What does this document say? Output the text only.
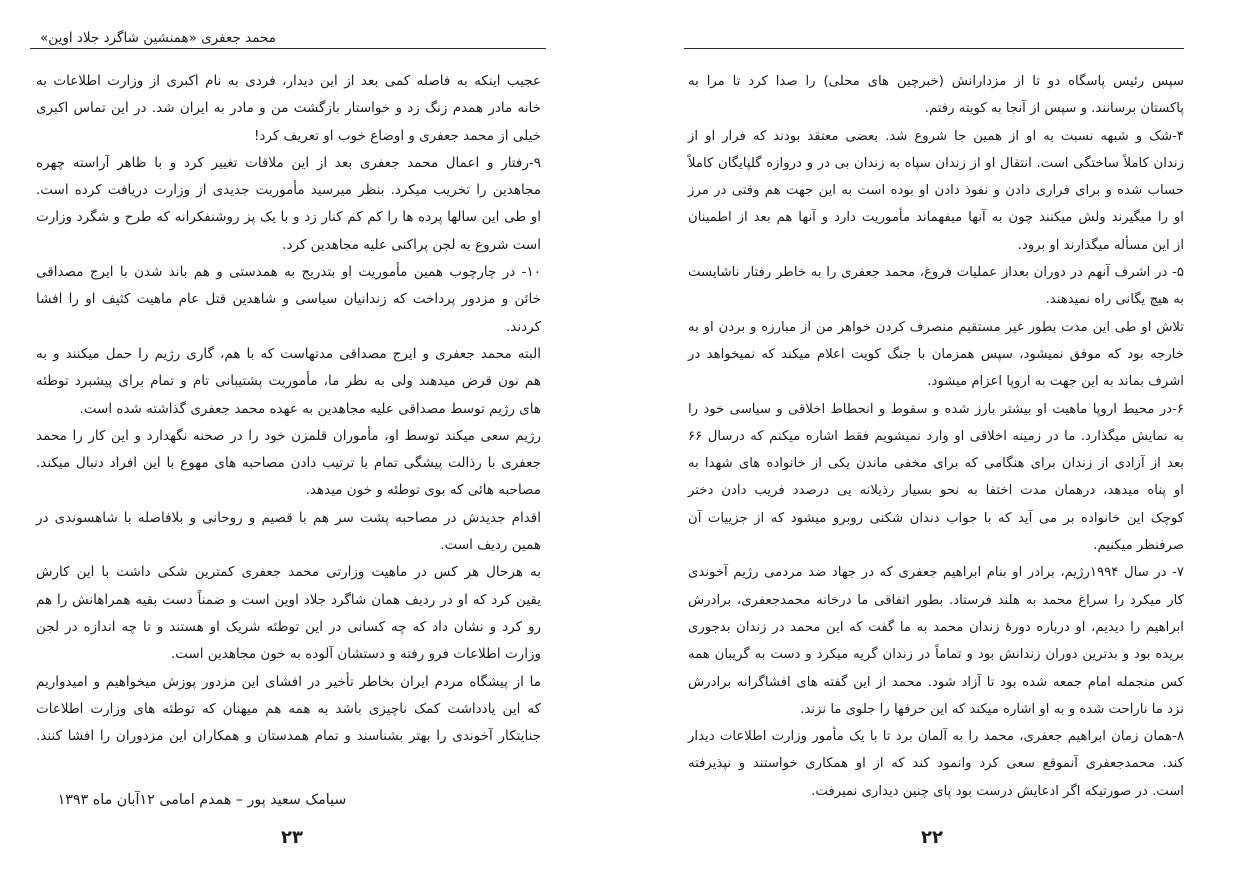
محمد جعفری «همنشین شاگرد جلاد اوین»
عجیب اینکه به فاصله کمی بعد از این دیدار، فردی به نام اکبری از وزارت اطلاعات به
خانه مادر همدم زنگ زد و خواستار بازگشت من و مادر به ایران شد. در این تماس اکبری
خیلی از محمد جعفری و اوضاع خوب او تعریف کرد!
۹-رفتار و اعمال محمد جعفری بعد از این ملاقات تغییر کرد و با ظاهر آراسته چهره
مجاهدین را تخریب میکرد. بنظر میرسید مأموریت جدیدی از وزارت دریافت کرده است.
او طی این سالها پرده ها را کم کم کنار زد و با یک پز روشنفکرانه که طرح و شگرد وزارت
است شروع به لجن پراکنی علیه مجاهدین کرد.
۱۰- در چارچوب همین مأموریت او بتدریج به همدستی و هم باند شدن با ایرج مصداقی
خائن و مزدور پرداخت که زندانیان سیاسی و شاهدین قتل عام ماهیت کثیف او را افشا
کردند.
البته محمد جعفری و ایرج مصداقی مدتهاست که با هم، گاری رژیم را حمل میکنند و به
هم نون قرض میدهند ولی به نظر ما، مأموریت پشتیبانی تام و تمام برای پیشبرد توطئه
های رژیم توسط مصداقی علیه مجاهدین به عهده محمد جعفری گذاشته شده است.
رژیم سعی میکند توسط او، مأموران قلمزن خود را در صحنه نگهدارد و این کار را محمد
جعفری با رذالت پیشگی تمام با ترتیب دادن مصاحبه های مهوع با این افراد دنبال میکند.
مصاحبه هائی که بوی توطئه و خون میدهد.
اقدام جدیدش در مصاحبه پشت سر هم با قصیم و روحانی و بلافاصله با شاهسوندی در
همین ردیف است.
به هرحال هر کس در ماهیت وزارتی محمد جعفری کمترین شکی داشت با این کارش
یقین کرد که او در ردیف همان شاگرد جلاد اوین است و ضمناً دست بقیه همراهانش را هم
رو کرد و نشان داد که چه کسانی در این توطئه شریک او هستند و تا چه اندازه در لجن
وزارت اطلاعات فرو رفته و دستشان آلوده به خون مجاهدین است.
ما از پیشگاه مردم ایران بخاطر تأخیر در افشای این مزدور پوزش میخواهیم و امیدواریم
که این یادداشت کمک ناچیزی باشد به همه هم میهنان که توطئه های وزارت اطلاعات
جنایتکار آخوندی را بهتر بشناسند و تمام همدستان و همکاران این مزدوران را افشا کنند.
سیامک سعید پور – همدم امامی ۱۲آبان ماه ۱۳۹۳
۲۳
سپس رئیس پاسگاه دو تا از مزدارانش (خبرچین های محلی) را صدا کرد تا مرا به
پاکستان برسانند. و سپس از آنجا به کویته رفتم.
۴-شک و شبهه نسبت به او از همین جا شروع شد. بعضی معتقد بودند که فرار او از
زندان کاملاً ساختگی است. انتقال او از زندان سپاه به زندان بی در و دروازه گلپایگان کاملاً
حساب شده و برای فراری دادن و نفوذ دادن او بوده است به این جهت هم وقتی در مرز
او را میگیرند ولش میکنند چون به آنها میفهماند مأموریت دارد و آنها هم بعد از اطمینان
از این مسأله میگذارند او برود.
۵- در اشرف آنهم در دوران بعداز عملیات فروغ، محمد جعفری را به خاطر رفتار ناشایست
به هیچ یگانی راه نمیدهند.
تلاش او طی این مدت بطور غیر مستقیم منصرف کردن خواهر من از مبارزه و بردن او به
خارجه بود که موفق نمیشود، سپس همزمان با جنگ کویت اعلام میکند که نمیخواهد در
اشرف بماند به این جهت به اروپا اعزام میشود.
۶-در محیط اروپا ماهیت او بیشتر بارز شده و سقوط و انحطاط اخلاقی و سیاسی خود را
به نمایش میگذارد. ما در زمینه اخلاقی او وارد نمیشویم فقط اشاره میکنم که درسال ۶۶
بعد از آزادی از زندان برای هنگامی که برای مخفی ماندن یکی از خانواده های شهدا به
او پناه میدهد، درهمان مدت اختفا به نحو بسیار رذیلانه یی درصدد فریب دادن دختر
کوچک این خانواده بر می آید که با جواب دندان شکنی روبرو میشود که از جزییات آن
صرفنظر میکنیم.
۷- در سال ۱۹۹۴رژیم، برادر او بنام ابراهیم جعفری که در جهاد ضد مردمی رژیم آخوندی
کار میکرد را سراغ محمد به هلند فرستاد. بطور اتفاقی ما درخانه محمدجعفری، برادرش
ابراهیم را دیدیم، او درباره دورهٔ زندان محمد به ما گفت که این محمد در زندان بدجوری
بریده بود و بدترین دوران زندانش بود و تماماً در زندان گریه میکرد و دست به گریبان همه
کس منجمله امام جمعه شده بود تا آزاد شود. محمد از این گفته های افشاگرانه برادرش
نزد ما ناراحت شده و به او اشاره میکند که این حرفها را جلوی ما نزند.
۸-همان زمان ابراهیم جعفری، محمد را به آلمان برد تا با یک مأمور وزارت اطلاعات دیدار
کند. محمدجعفری آنموقع سعی کرد وانمود کند که از او همکاری خواستند و نپذیرفته
است. در صورتیکه اگر ادعایش درست بود پای چنین دیداری نمیرفت.
۲۲
